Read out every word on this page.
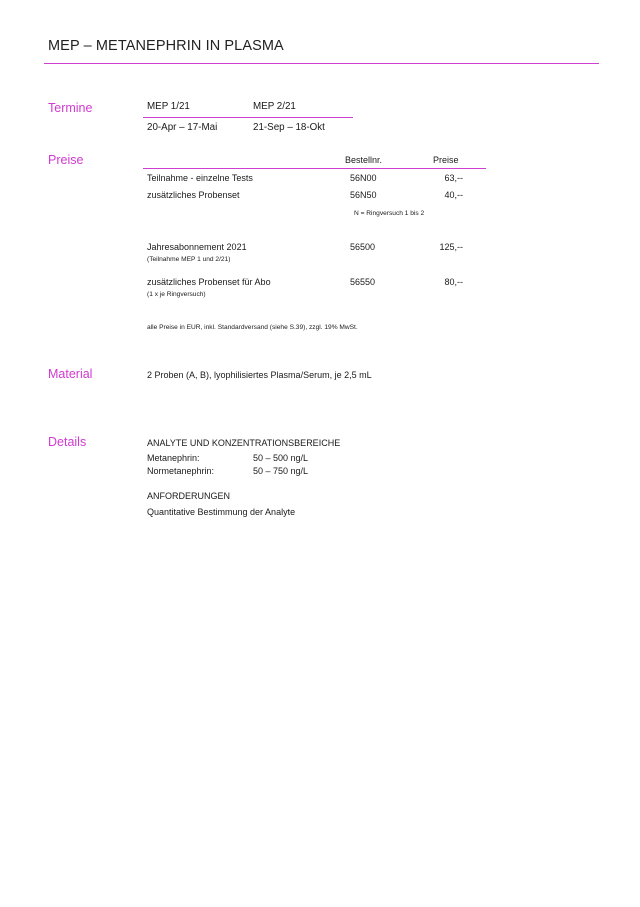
MEP – METANEPHRIN IN PLASMA
Termine	MEP 1/21	MEP 2/21
20-Apr – 17-Mai	21-Sep – 18-Okt
Preise	Bestellnr.	Preise
Teilnahme - einzelne Tests	56N00	63,--
zusätzliches Probenset	56N50	40,--
N = Ringversuch 1 bis 2
Jahresabonnement 2021
(Teilnahme MEP 1 und 2/21)
56500	125,--
zusätzliches Probenset für Abo
(1 x je Ringversuch)
56550	80,--
alle Preise in EUR, inkl. Standardversand (siehe S.39), zzgl. 19% MwSt.
Material	2 Proben (A, B), lyophilisiertes Plasma/Serum, je 2,5 mL
Details	ANALYTE UND KONZENTRATIONSBEREICHE
Metanephrin:	50 – 500 ng/L
Normetanephrin:	50 – 750 ng/L
ANFORDERUNGEN
Quantitative Bestimmung der Analyte
